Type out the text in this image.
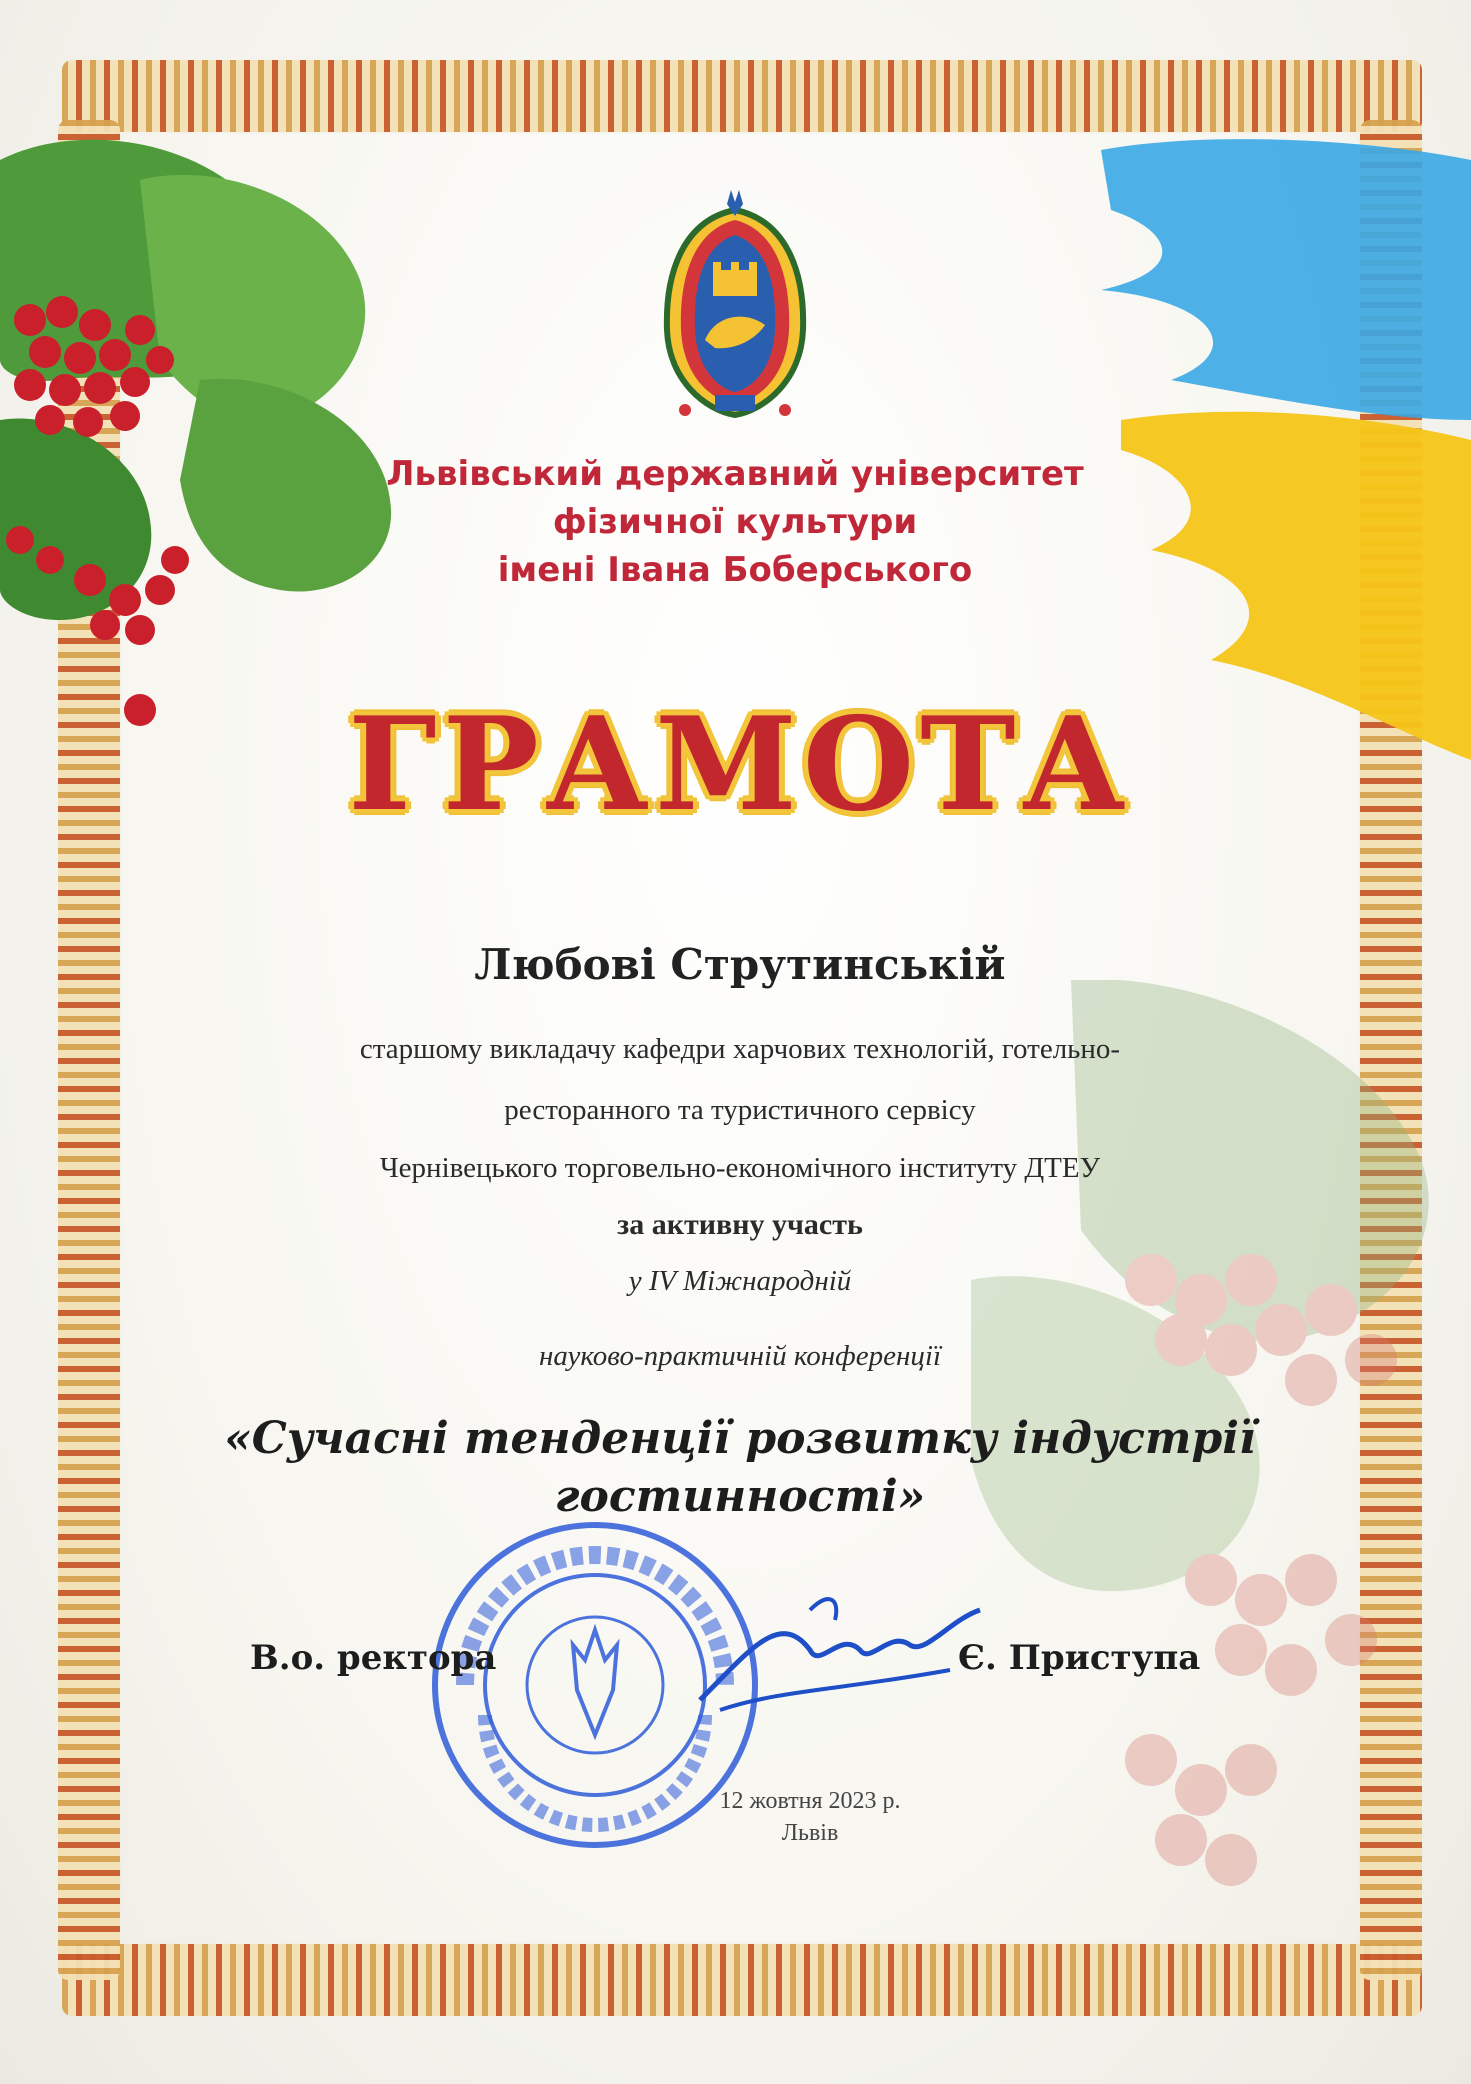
Львівський державний університет
фізичної культури
імені Івана Боберського
ГРАМОТА
Любові Струтинській
старшому викладачу кафедри харчових технологій, готельно-
ресторанного та туристичного сервісу
Чернівецького торговельно-економічного інституту ДТЕУ
за активну участь
у IV Міжнародній
науково-практичній конференції
«Сучасні тенденції розвитку індустрії
гостинності»
В.о. ректора	Є. Приступа
12 жовтня 2023 р.
Львів
